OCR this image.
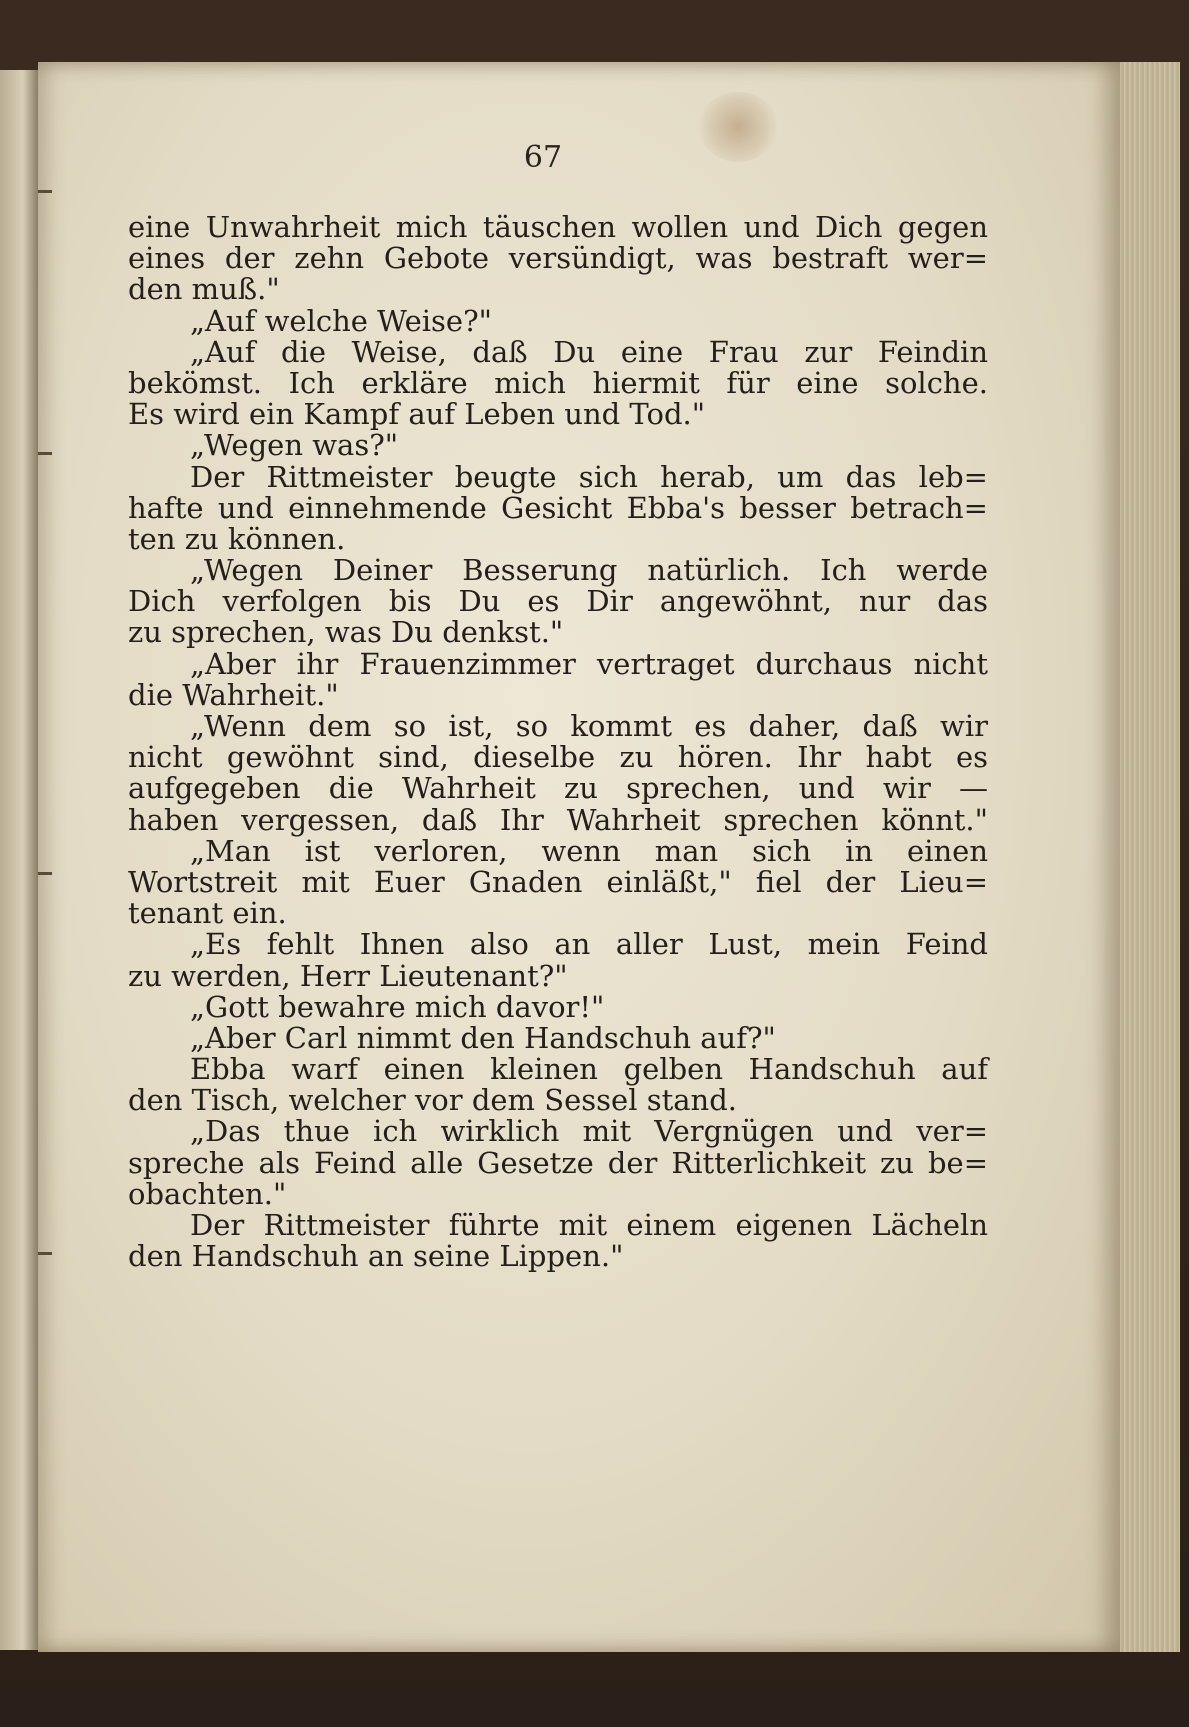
67
eine Unwahrheit mich täuschen wollen und Dich gegen
eines der zehn Gebote versündigt, was bestraft wer=
den muß."
„Auf welche Weise?"
„Auf die Weise, daß Du eine Frau zur Feindin
bekömst. Ich erkläre mich hiermit für eine solche.
Es wird ein Kampf auf Leben und Tod."
„Wegen was?"
Der Rittmeister beugte sich herab, um das leb=
hafte und einnehmende Gesicht Ebba's besser betrach=
ten zu können.
„Wegen Deiner Besserung natürlich. Ich werde
Dich verfolgen bis Du es Dir angewöhnt, nur das
zu sprechen, was Du denkst."
„Aber ihr Frauenzimmer vertraget durchaus nicht
die Wahrheit."
„Wenn dem so ist, so kommt es daher, daß wir
nicht gewöhnt sind, dieselbe zu hören. Ihr habt es
aufgegeben die Wahrheit zu sprechen, und wir —
haben vergessen, daß Ihr Wahrheit sprechen könnt."
„Man ist verloren, wenn man sich in einen
Wortstreit mit Euer Gnaden einläßt," fiel der Lieu=
tenant ein.
„Es fehlt Ihnen also an aller Lust, mein Feind
zu werden, Herr Lieutenant?"
„Gott bewahre mich davor!"
„Aber Carl nimmt den Handschuh auf?"
Ebba warf einen kleinen gelben Handschuh auf
den Tisch, welcher vor dem Sessel stand.
„Das thue ich wirklich mit Vergnügen und ver=
spreche als Feind alle Gesetze der Ritterlichkeit zu be=
obachten."
Der Rittmeister führte mit einem eigenen Lächeln
den Handschuh an seine Lippen."
